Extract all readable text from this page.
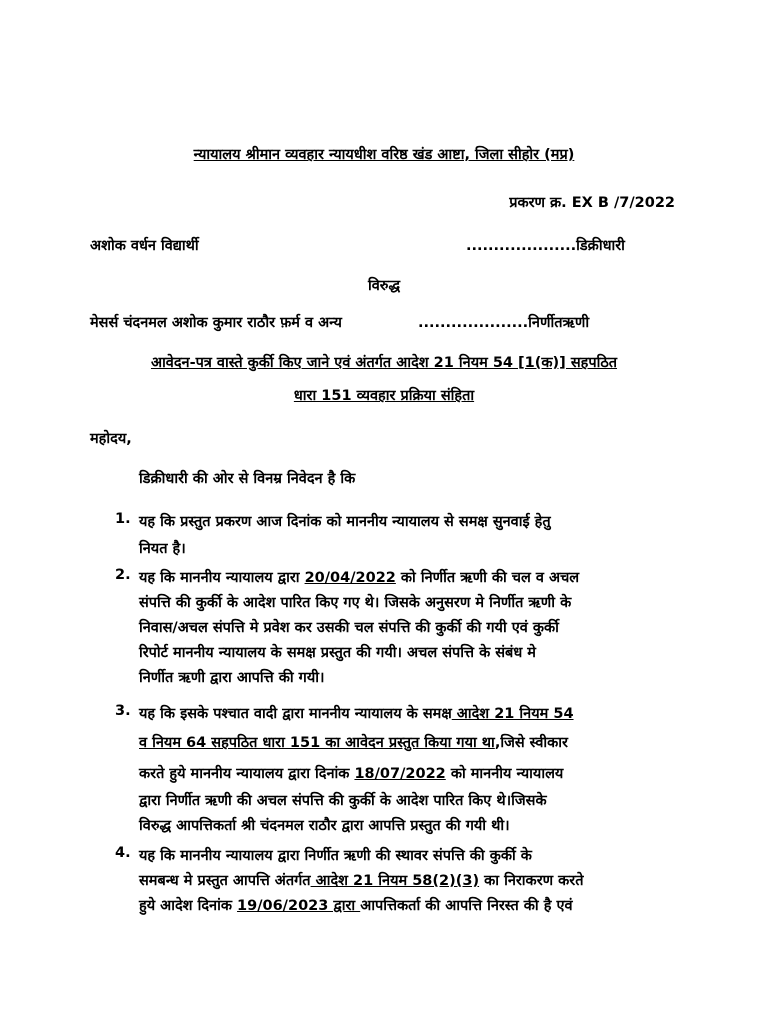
न्यायालय श्रीमान व्यवहार न्यायधीश वरिष्ठ खंड आष्टा, जिला सीहोर (मप्र)
प्रकरण क्र. EX B /7/2022
अशोक वर्धन विद्यार्थी	....................डिक्रीधारी
विरुद्ध
मेसर्स चंदनमल अशोक कुमार राठौर फ़र्म व अन्य	....................निर्णीतऋणी
आवेदन-पत्र वास्ते कुर्की किए जाने एवं अंतर्गत आदेश 21 नियम 54 [1(क)] सहपठित
धारा 151 व्यवहार प्रक्रिया संहिता
महोदय,
डिक्रीधारी की ओर से विनम्र निवेदन है कि
1. यह कि प्रस्तुत प्रकरण आज दिनांक को माननीय न्यायालय से समक्ष सुनवाई हेतु
नियत है।
2. यह कि माननीय न्यायालय द्वारा 20/04/2022 को निर्णीत ऋणी की चल व अचल
संपत्ति की कुर्की के आदेश पारित किए गए थे। जिसके अनुसरण मे निर्णीत ऋणी के
निवास/अचल संपत्ति मे प्रवेश कर उसकी चल संपत्ति की कुर्की की गयी एवं कुर्की
रिपोर्ट माननीय न्यायालय के समक्ष प्रस्तुत की गयी। अचल संपत्ति के संबंध मे
निर्णीत ऋणी द्वारा आपत्ति की गयी।
3. यह कि इसके पश्चात वादी द्वारा माननीय न्यायालय के समक्ष आदेश 21 नियम 54
व नियम 64 सहपठित धारा 151 का आवेदन प्रस्तुत किया गया था,जिसे स्वीकार
करते हुये माननीय न्यायालय द्वारा दिनांक 18/07/2022 को माननीय न्यायालय
द्वारा निर्णीत ऋणी की अचल संपत्ति की कुर्की के आदेश पारित किए थे।जिसके
विरुद्ध आपत्तिकर्ता श्री चंदनमल राठौर द्वारा आपत्ति प्रस्तुत की गयी थी।
4. यह कि माननीय न्यायालय द्वारा निर्णीत ऋणी की स्थावर संपत्ति की कुर्की के
समबन्ध मे प्रस्तुत आपत्ति अंतर्गत आदेश 21 नियम 58(2)(3) का निराकरण करते
हुये आदेश दिनांक 19/06/2023 द्वारा आपत्तिकर्ता की आपत्ति निरस्त की है एवं
